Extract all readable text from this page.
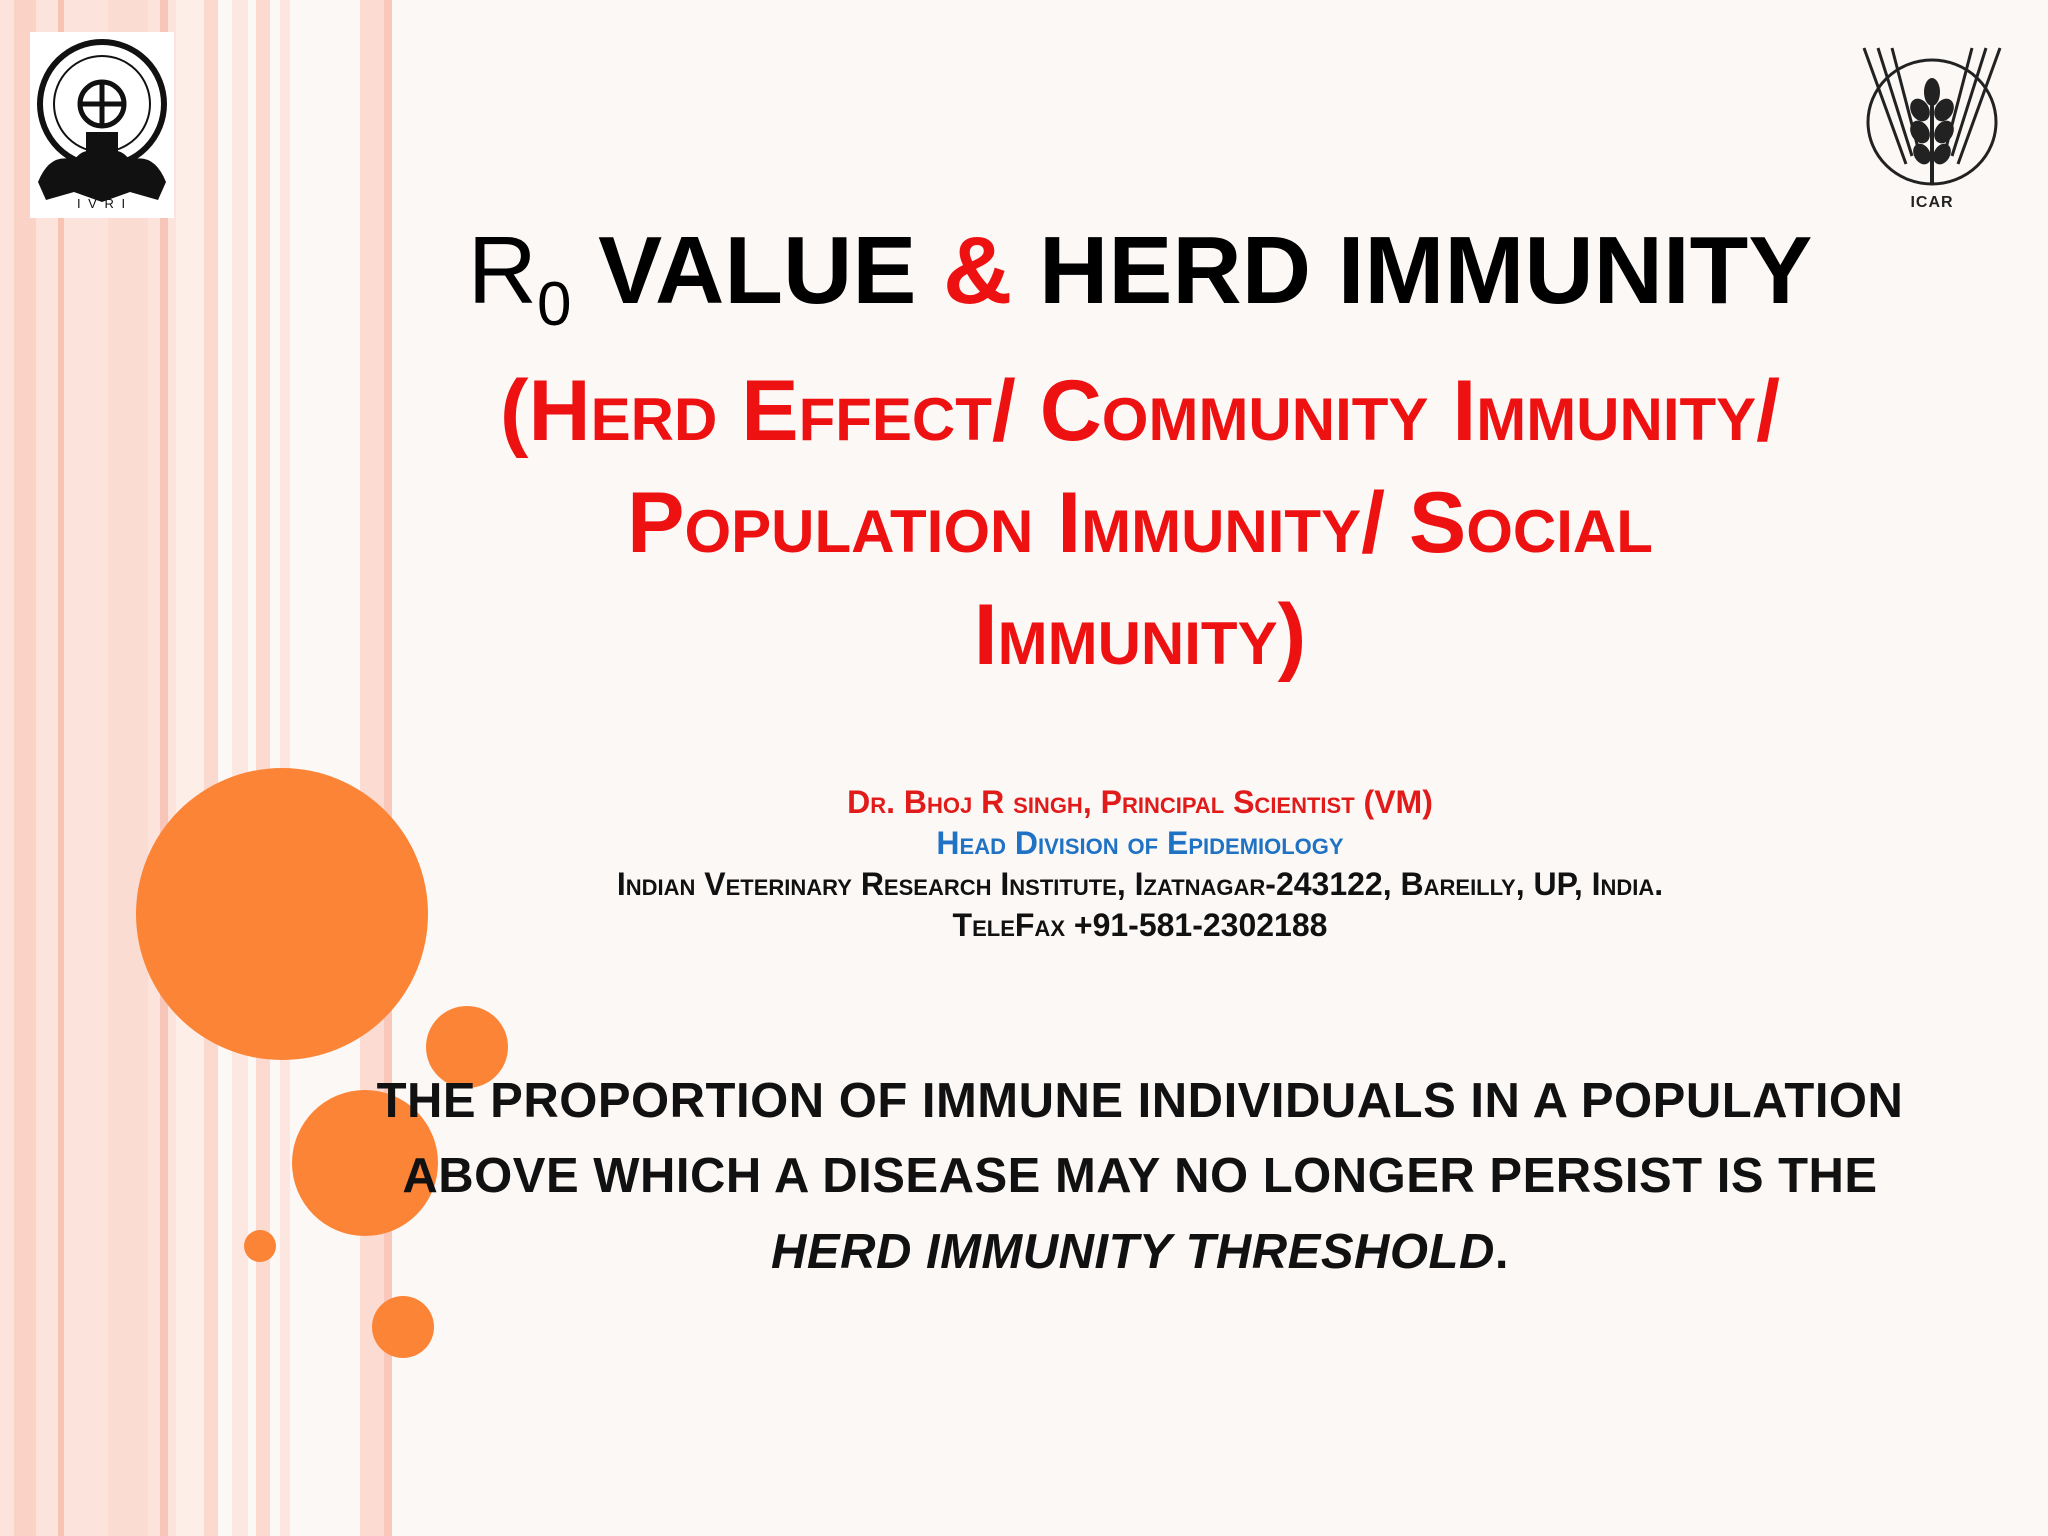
I V R I	ICAR
$R_0$ VALUE & HERD IMMUNITY
(Herd Effect/ Community Immunity/
Population Immunity/ Social
Immunity)
Dr. Bhoj R singh, Principal Scientist (VM)
Head Division of Epidemiology
Indian Veterinary Research Institute, Izatnagar-243122, Bareilly, UP, India.
TeleFax +91-581-2302188
THE PROPORTION OF IMMUNE INDIVIDUALS IN A POPULATION
ABOVE WHICH A DISEASE MAY NO LONGER PERSIST IS THE
HERD IMMUNITY THRESHOLD.
